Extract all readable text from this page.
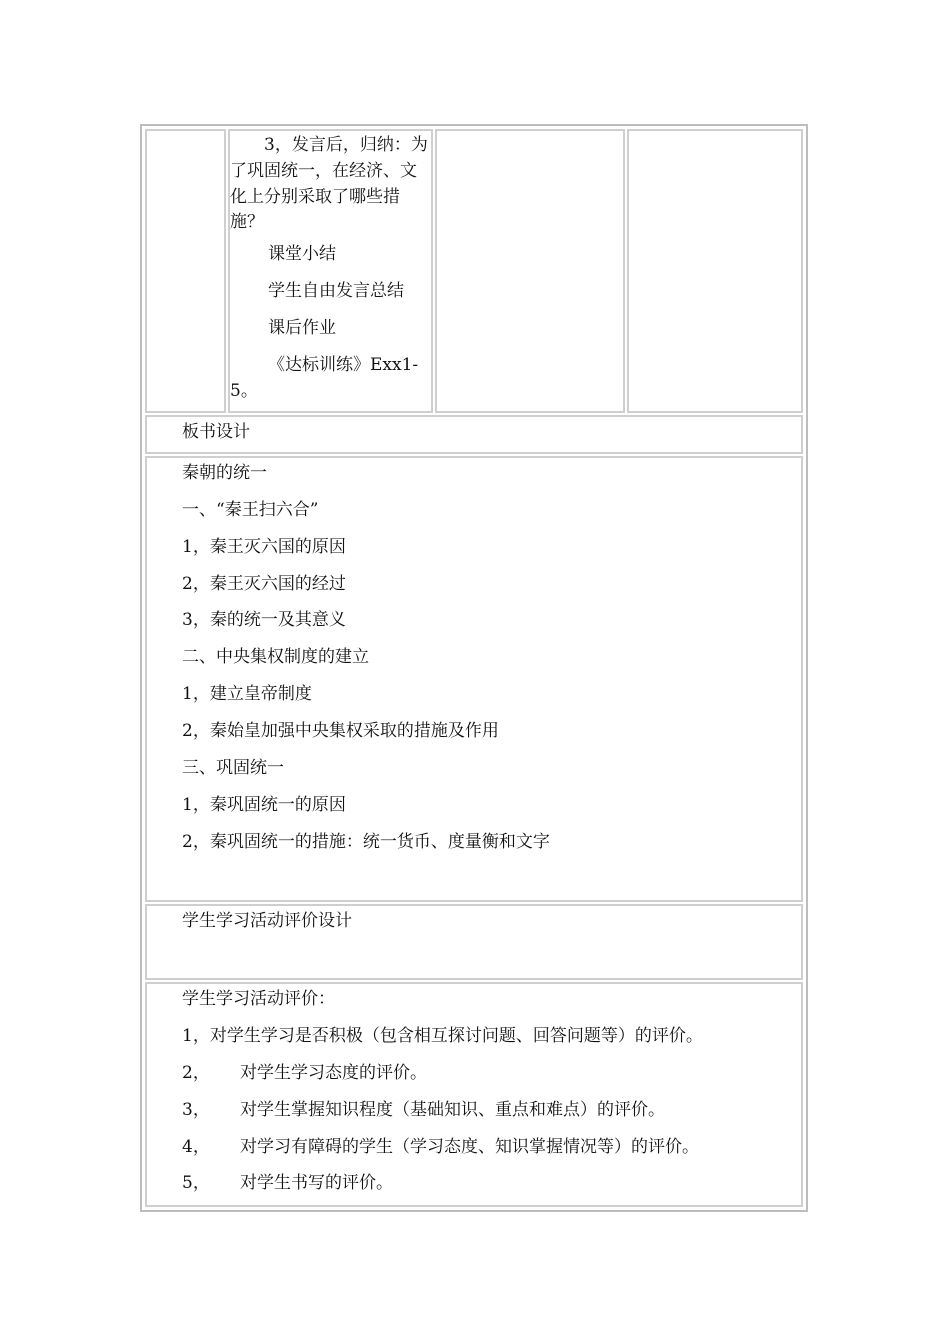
　　3，发言后，归纳：为
了巩固统一，在经济、文
化上分别采取了哪些措
施？
课堂小结
学生自由发言总结
课后作业
《达标训练》Exx1-
5。
板书设计
秦朝的统一
一、“秦王扫六合”
1，秦王灭六国的原因
2，秦王灭六国的经过
3，秦的统一及其意义
二、中央集权制度的建立
1，建立皇帝制度
2，秦始皇加强中央集权采取的措施及作用
三、巩固统一
1，秦巩固统一的原因
2，秦巩固统一的措施：统一货币、度量衡和文字
学生学习活动评价设计
学生学习活动评价：
1，对学生学习是否积极（包含相互探讨问题、回答问题等）的评价。
2， 对学生学习态度的评价。
3， 对学生掌握知识程度（基础知识、重点和难点）的评价。
4， 对学习有障碍的学生（学习态度、知识掌握情况等）的评价。
5， 对学生书写的评价。
